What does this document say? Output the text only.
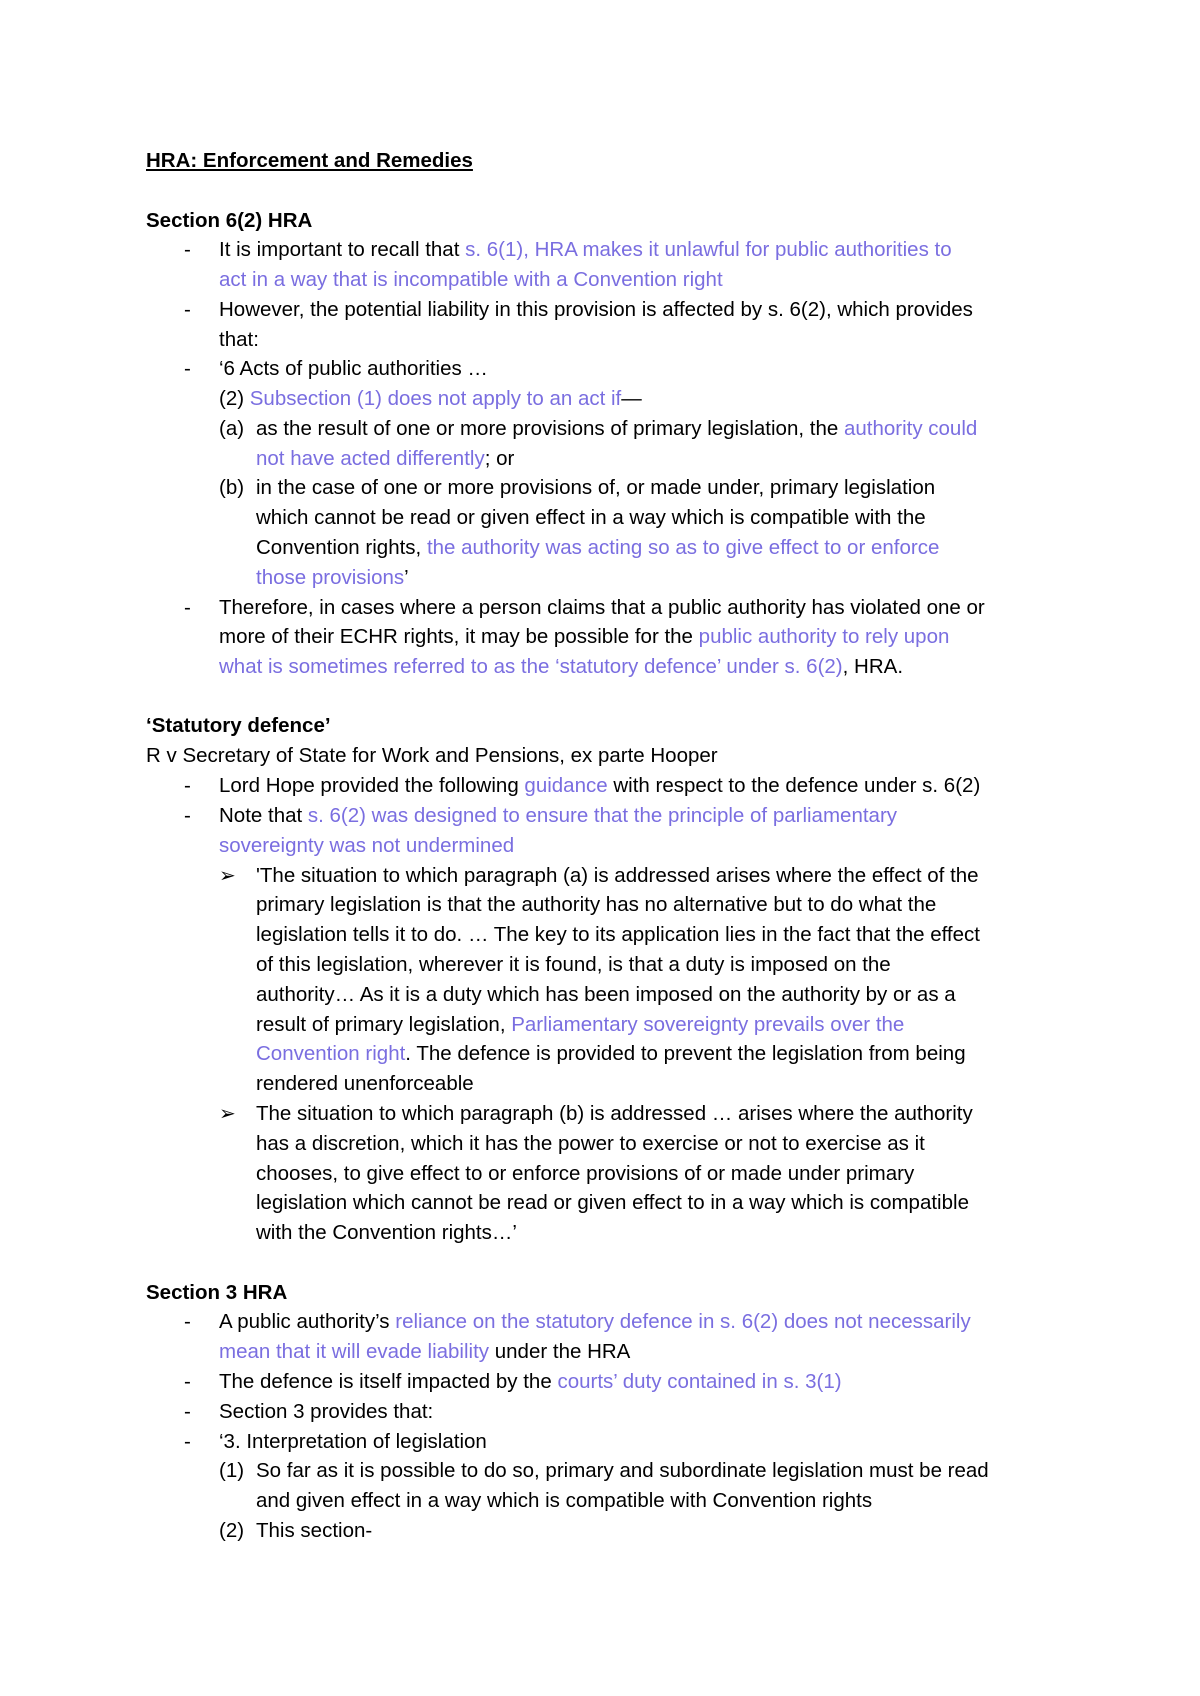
HRA: Enforcement and Remedies
Section 6(2) HRA
- It is important to recall that s. 6(1), HRA makes it unlawful for public authorities to
act in a way that is incompatible with a Convention right
- However, the potential liability in this provision is affected by s. 6(2), which provides
that:
- ‘6 Acts of public authorities …
(2) Subsection (1) does not apply to an act if—
(a) as the result of one or more provisions of primary legislation, the authority could
not have acted differently; or
(b) in the case of one or more provisions of, or made under, primary legislation
which cannot be read or given effect in a way which is compatible with the
Convention rights, the authority was acting so as to give effect to or enforce
those provisions’
- Therefore, in cases where a person claims that a public authority has violated one or
more of their ECHR rights, it may be possible for the public authority to rely upon
what is sometimes referred to as the ‘statutory defence’ under s. 6(2), HRA.
‘Statutory defence’
R v Secretary of State for Work and Pensions, ex parte Hooper
- Lord Hope provided the following guidance with respect to the defence under s. 6(2)
- Note that s. 6(2) was designed to ensure that the principle of parliamentary
sovereignty was not undermined
➢ 'The situation to which paragraph (a) is addressed arises where the effect of the
primary legislation is that the authority has no alternative but to do what the
legislation tells it to do. … The key to its application lies in the fact that the effect
of this legislation, wherever it is found, is that a duty is imposed on the
authority… As it is a duty which has been imposed on the authority by or as a
result of primary legislation, Parliamentary sovereignty prevails over the
Convention right. The defence is provided to prevent the legislation from being
rendered unenforceable
➢ The situation to which paragraph (b) is addressed … arises where the authority
has a discretion, which it has the power to exercise or not to exercise as it
chooses, to give effect to or enforce provisions of or made under primary
legislation which cannot be read or given effect to in a way which is compatible
with the Convention rights…’
Section 3 HRA
- A public authority’s reliance on the statutory defence in s. 6(2) does not necessarily
mean that it will evade liability under the HRA
- The defence is itself impacted by the courts’ duty contained in s. 3(1)
- Section 3 provides that:
- ‘3. Interpretation of legislation
(1) So far as it is possible to do so, primary and subordinate legislation must be read
and given effect in a way which is compatible with Convention rights
(2) This section-
